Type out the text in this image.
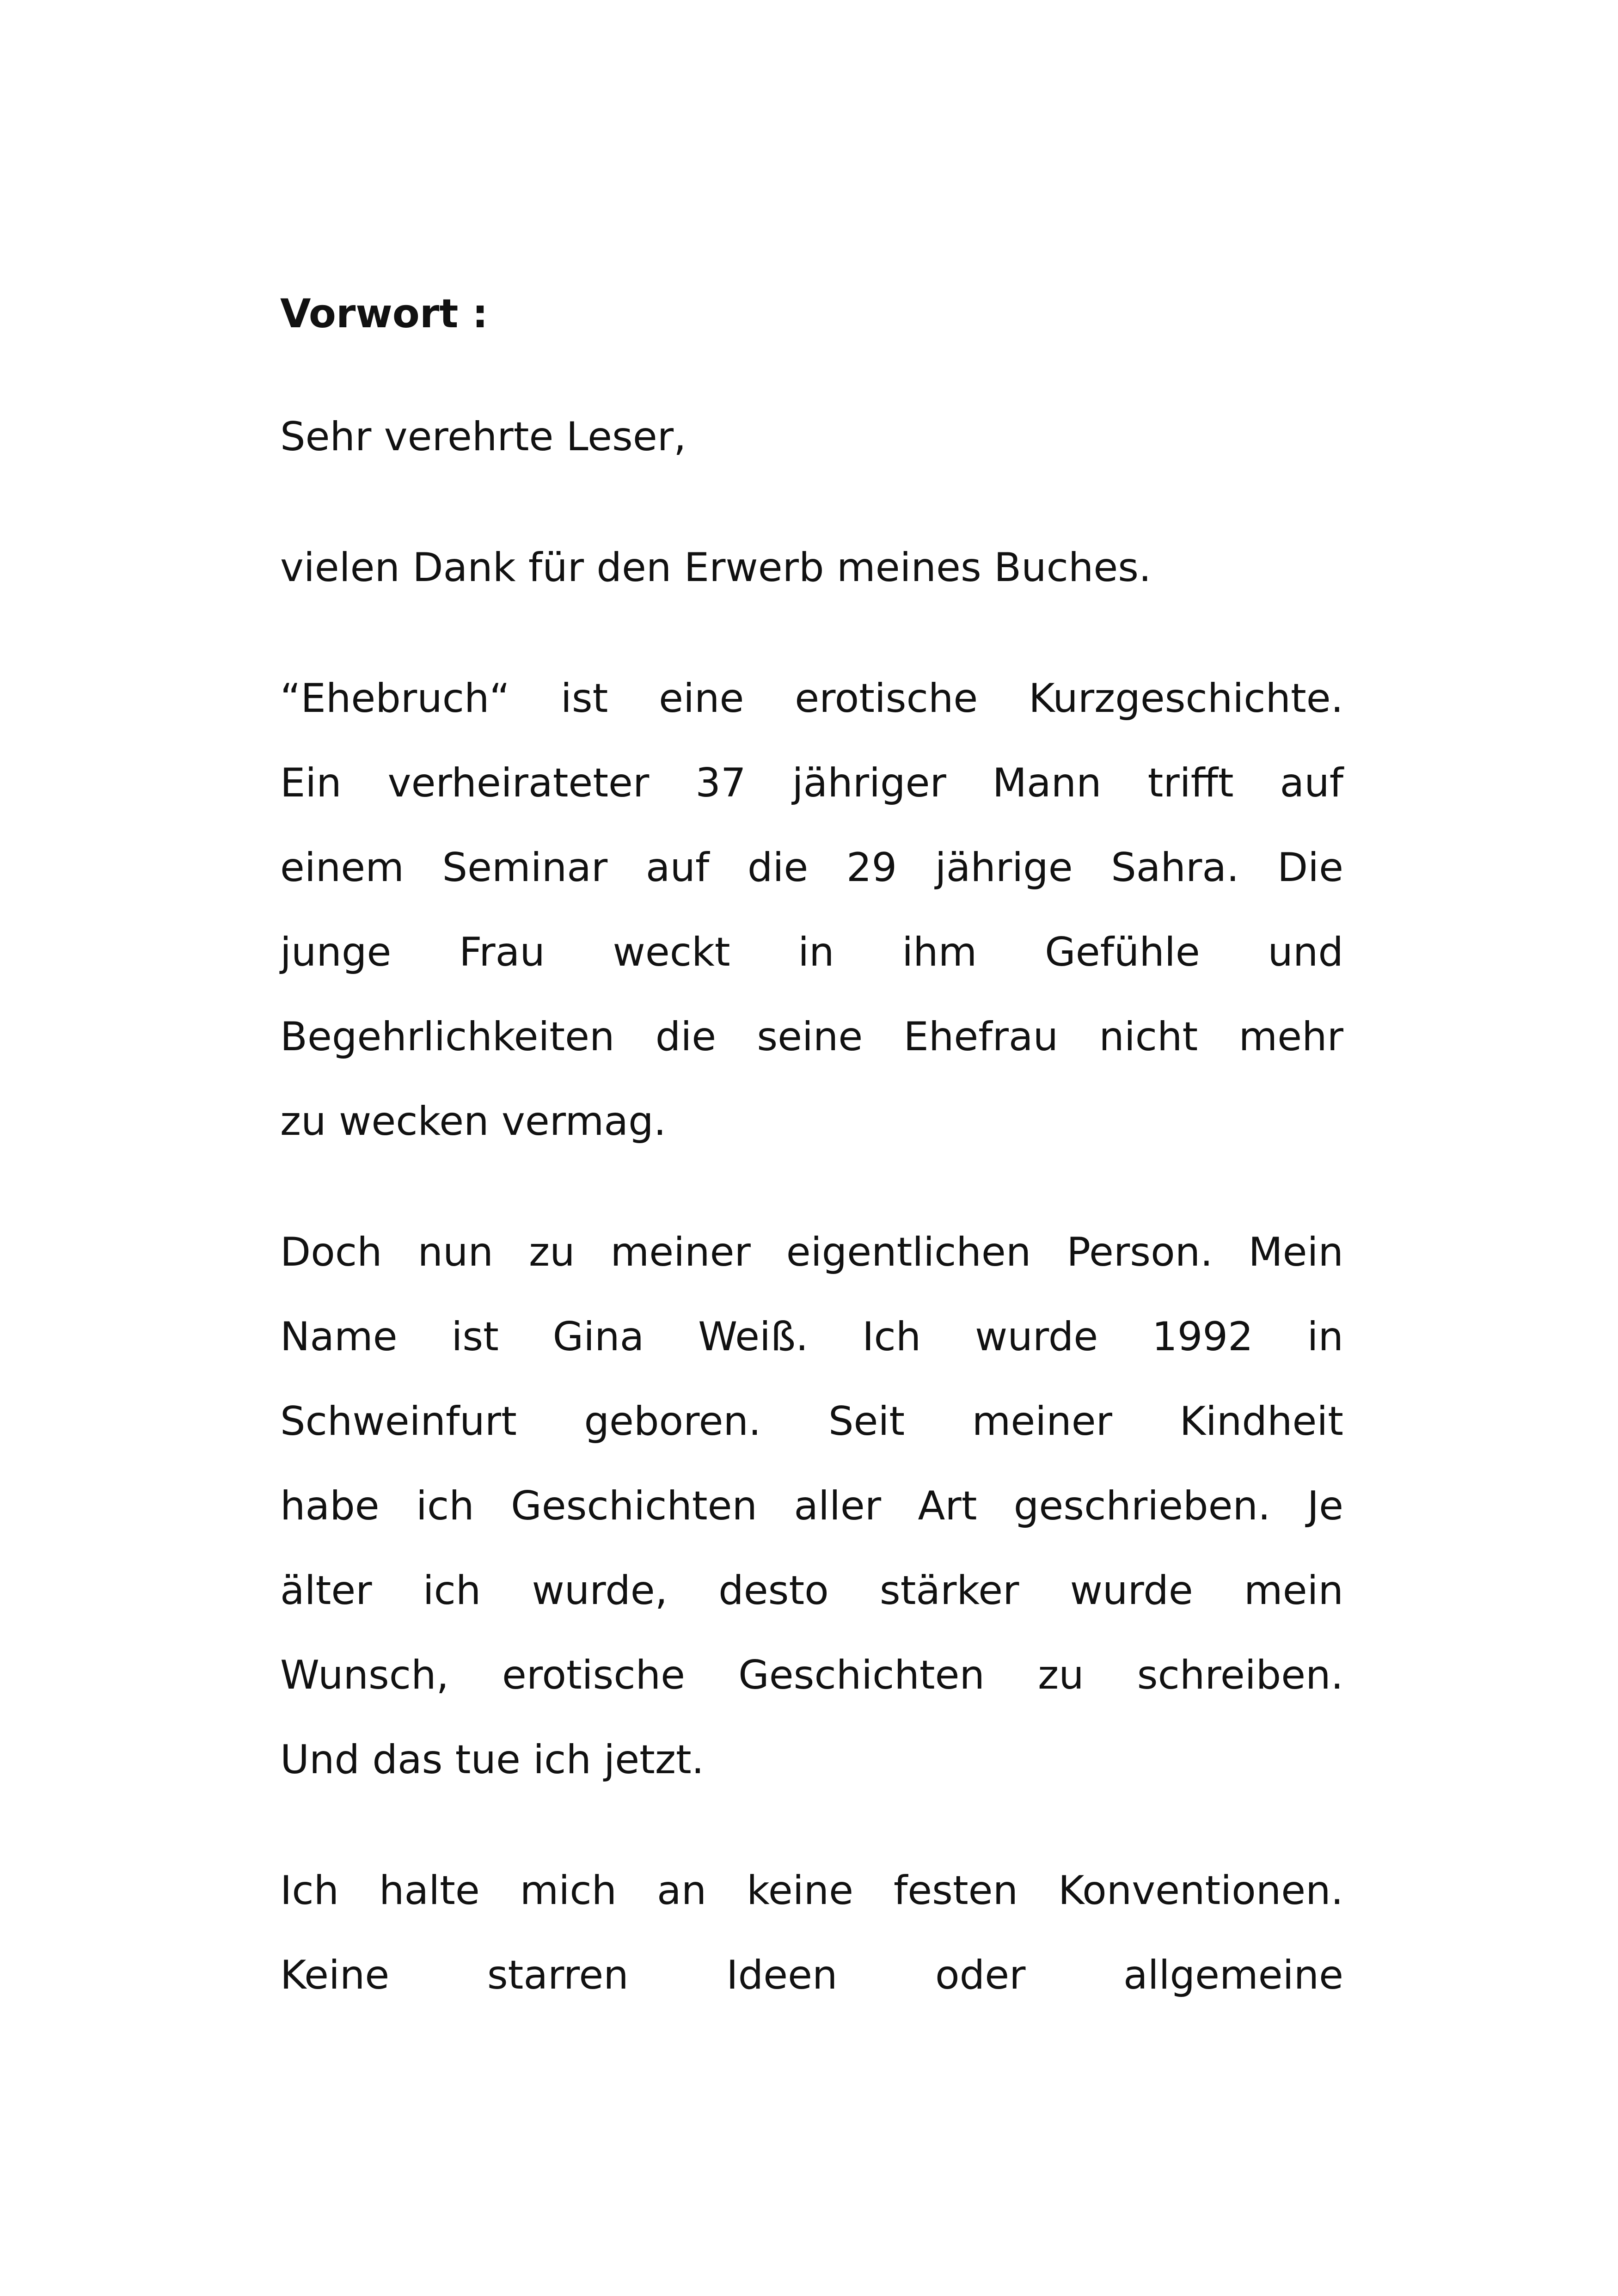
Vorwort :
Sehr verehrte Leser,
vielen Dank für den Erwerb meines Buches.
“Ehebruch“ ist eine erotische Kurzgeschichte.
Ein verheirateter 37 jähriger Mann trifft auf
einem Seminar auf die 29 jährige Sahra. Die
junge Frau weckt in ihm Gefühle und
Begehrlichkeiten die seine Ehefrau nicht mehr
zu wecken vermag.
Doch nun zu meiner eigentlichen Person. Mein
Name ist Gina Weiß. Ich wurde 1992 in
Schweinfurt geboren. Seit meiner Kindheit
habe ich Geschichten aller Art geschrieben. Je
älter ich wurde, desto stärker wurde mein
Wunsch, erotische Geschichten zu schreiben.
Und das tue ich jetzt.
Ich halte mich an keine festen Konventionen.
Keine starren Ideen oder allgemeine
